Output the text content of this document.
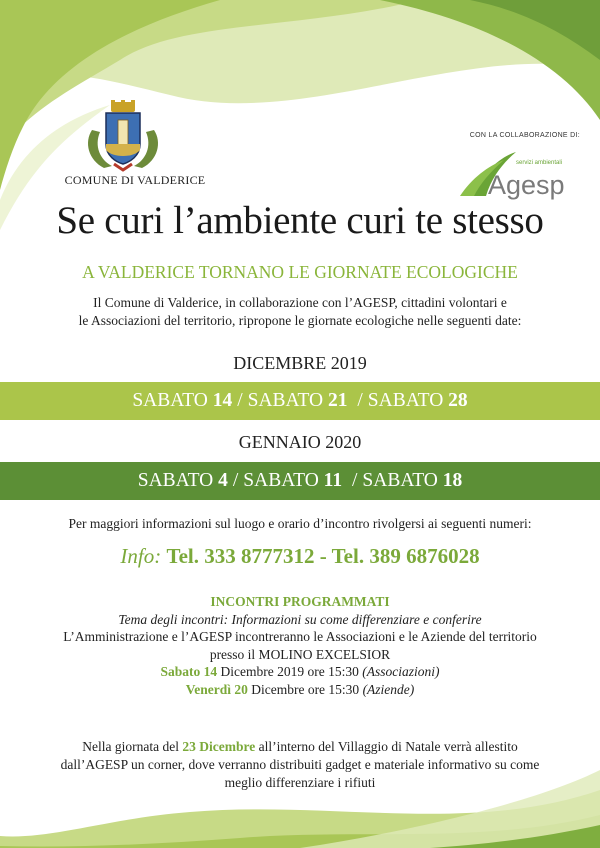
COMUNE DI VALDERICE
CON LA COLLABORAZIONE DI:
servizi ambientali
Agesp
Se curi l’ambiente curi te stesso
A VALDERICE TORNANO LE GIORNATE ECOLOGICHE
Il Comune di Valderice, in collaborazione con l’AGESP, cittadini volontari e
le Associazioni del territorio, ripropone le giornate ecologiche nelle seguenti date:
DICEMBRE 2019
SABATO 14 / SABATO 21 / SABATO 28
GENNAIO 2020
SABATO 4 / SABATO 11 / SABATO 18
Per maggiori informazioni sul luogo e orario d’incontro rivolgersi ai seguenti numeri:
Info: Tel. 333 8777312 - Tel. 389 6876028
INCONTRI PROGRAMMATI
Tema degli incontri: Informazioni su come differenziare e conferire
L’Amministrazione e l’AGESP incontreranno le Associazioni e le Aziende del territorio
presso il MOLINO EXCELSIOR
Sabato 14 Dicembre 2019 ore 15:30 (Associazioni)
Venerdì 20 Dicembre ore 15:30 (Aziende)
Nella giornata del 23 Dicembre all’interno del Villaggio di Natale verrà allestito
dall’AGESP un corner, dove verranno distribuiti gadget e materiale informativo su come
meglio differenziare i rifiuti
